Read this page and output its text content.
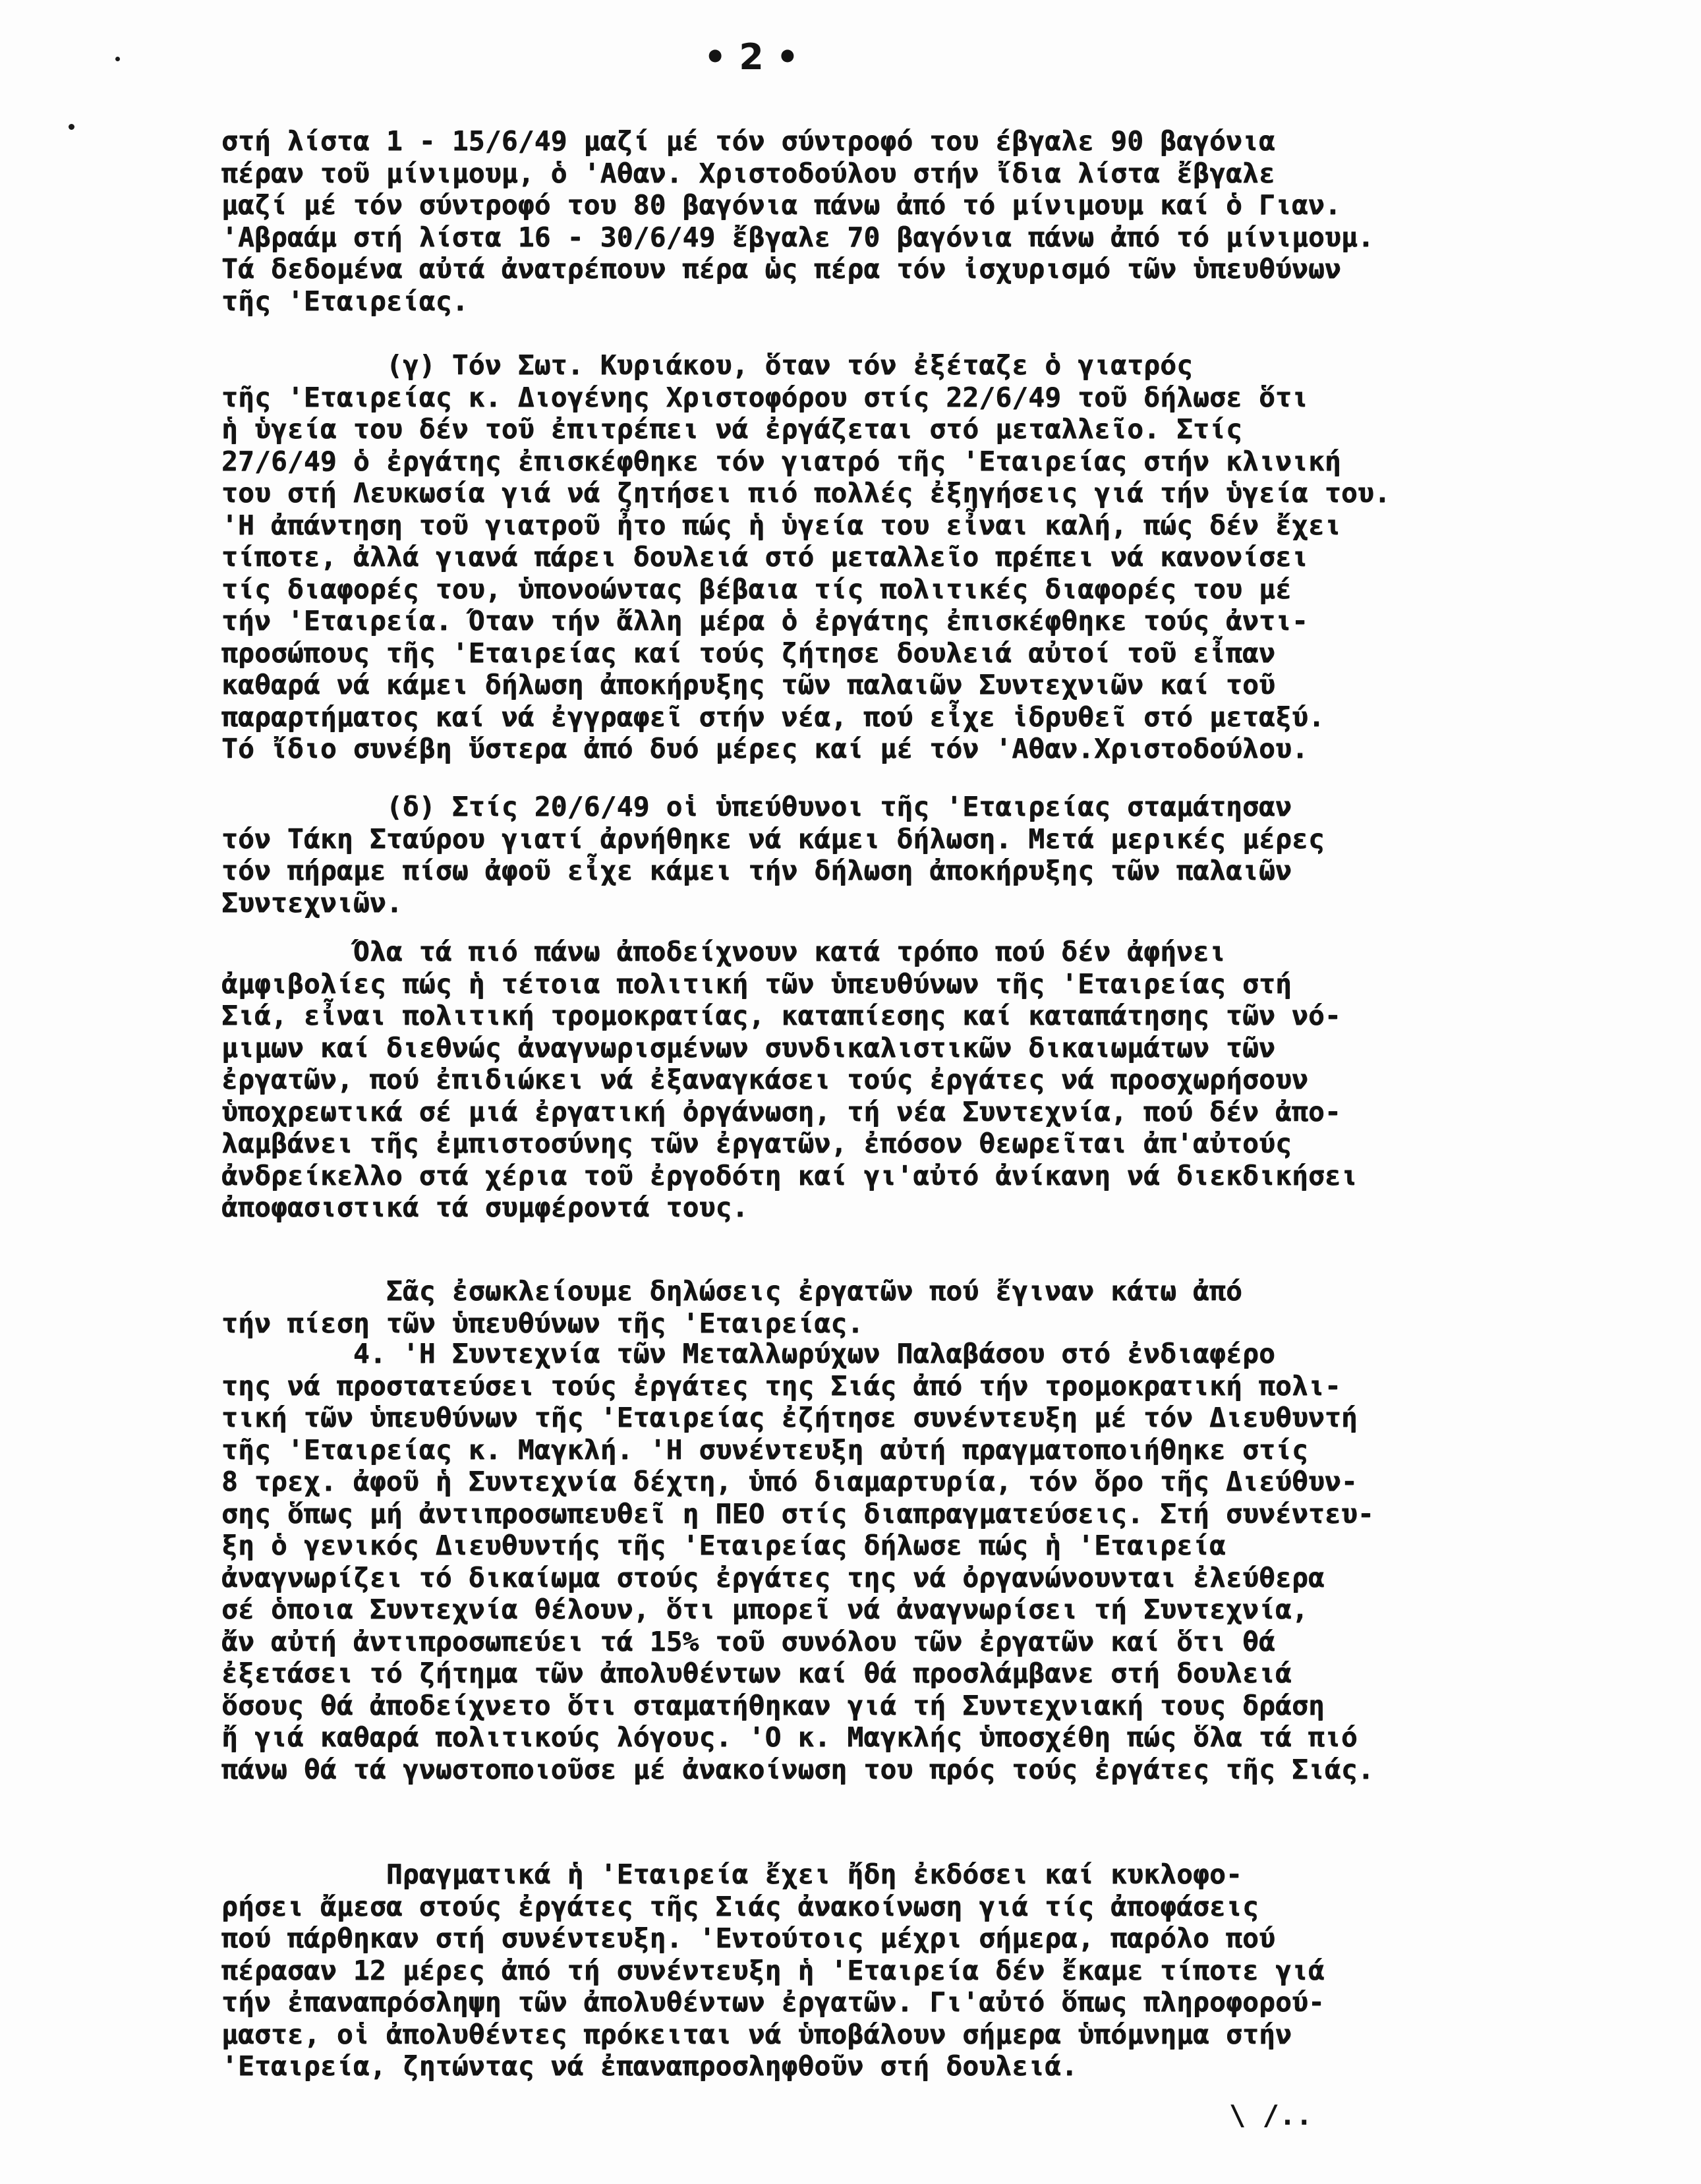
• 2 •
στή λίστα 1 - 15/6/49 μαζί μέ τόν σύντροφό του έβγαλε 90 βαγόνια
πέραν τοῦ μίνιμουμ, ὁ 'Αθαν. Χριστοδούλου στήν ἴδια λίστα ἔβγαλε
μαζί μέ τόν σύντροφό του 80 βαγόνια πάνω ἀπό τό μίνιμουμ καί ὁ Γιαν.
'Αβραάμ στή λίστα 16 - 30/6/49 ἔβγαλε 70 βαγόνια πάνω ἀπό τό μίνιμουμ.
Τά δεδομένα αὐτά ἀνατρέπουν πέρα ὡς πέρα τόν ἰσχυρισμό τῶν ὑπευθύνων
τῆς 'Εταιρείας.
(γ) Τόν Σωτ. Κυριάκου, ὅταν τόν ἐξέταζε ὁ γιατρός
τῆς 'Εταιρείας κ. Διογένης Χριστοφόρου στίς 22/6/49 τοῦ δήλωσε ὅτι
ἡ ὑγεία του δέν τοῦ ἐπιτρέπει νά ἐργάζεται στό μεταλλεῖο. Στίς
27/6/49 ὁ ἐργάτης ἐπισκέφθηκε τόν γιατρό τῆς 'Εταιρείας στήν κλινική
του στή Λευκωσία γιά νά ζητήσει πιό πολλές ἐξηγήσεις γιά τήν ὑγεία του.
'Η ἀπάντηση τοῦ γιατροῦ ἦτο πώς ἡ ὑγεία του εἶναι καλή, πώς δέν ἔχει
τίποτε, ἀλλά γιανά πάρει δουλειά στό μεταλλεῖο πρέπει νά κανονίσει
τίς διαφορές του, ὑπονοώντας βέβαια τίς πολιτικές διαφορές του μέ
τήν 'Εταιρεία. Όταν τήν ἄλλη μέρα ὁ ἐργάτης ἐπισκέφθηκε τούς ἀντι-
προσώπους τῆς 'Εταιρείας καί τούς ζήτησε δουλειά αὐτοί τοῦ εἶπαν
καθαρά νά κάμει δήλωση ἀποκήρυξης τῶν παλαιῶν Συντεχνιῶν καί τοῦ
παραρτήματος καί νά ἐγγραφεῖ στήν νέα, πού εἶχε ἱδρυθεῖ στό μεταξύ.
Τό ἴδιο συνέβη ὕστερα ἀπό δυό μέρες καί μέ τόν 'Αθαν.Χριστοδούλου.
(δ) Στίς 20/6/49 οἱ ὑπεύθυνοι τῆς 'Εταιρείας σταμάτησαν
τόν Τάκη Σταύρου γιατί ἀρνήθηκε νά κάμει δήλωση. Μετά μερικές μέρες
τόν πήραμε πίσω ἀφοῦ εἶχε κάμει τήν δήλωση ἀποκήρυξης τῶν παλαιῶν
Συντεχνιῶν.
Όλα τά πιό πάνω ἀποδείχνουν κατά τρόπο πού δέν ἀφήνει
ἀμφιβολίες πώς ἡ τέτοια πολιτική τῶν ὑπευθύνων τῆς 'Εταιρείας στή
Σιά, εἶναι πολιτική τρομοκρατίας, καταπίεσης καί καταπάτησης τῶν νό-
μιμων καί διεθνώς ἀναγνωρισμένων συνδικαλιστικῶν δικαιωμάτων τῶν
ἐργατῶν, πού ἐπιδιώκει νά ἐξαναγκάσει τούς ἐργάτες νά προσχωρήσουν
ὑποχρεωτικά σέ μιά ἐργατική ὀργάνωση, τή νέα Συντεχνία, πού δέν ἀπο-
λαμβάνει τῆς ἐμπιστοσύνης τῶν ἐργατῶν, ἐπόσον θεωρεῖται ἀπ'αὐτούς
ἀνδρείκελλο στά χέρια τοῦ ἐργοδότη καί γι'αὐτό ἀνίκανη νά διεκδικήσει
ἀποφασιστικά τά συμφέροντά τους.
Σᾶς ἐσωκλείουμε δηλώσεις ἐργατῶν πού ἔγιναν κάτω ἀπό
τήν πίεση τῶν ὑπευθύνων τῆς 'Εταιρείας.
4. 'Η Συντεχνία τῶν Μεταλλωρύχων Παλαβάσου στό ἐνδιαφέρο
της νά προστατεύσει τούς ἐργάτες της Σιάς ἀπό τήν τρομοκρατική πολι-
τική τῶν ὑπευθύνων τῆς 'Εταιρείας ἐζήτησε συνέντευξη μέ τόν Διευθυντή
τῆς 'Εταιρείας κ. Μαγκλή. 'Η συνέντευξη αὐτή πραγματοποιήθηκε στίς
8 τρεχ. ἀφοῦ ἡ Συντεχνία δέχτη, ὑπό διαμαρτυρία, τόν ὅρο τῆς Διεύθυν-
σης ὅπως μή ἀντιπροσωπευθεῖ η ΠΕΟ στίς διαπραγματεύσεις. Στή συνέντευ-
ξη ὁ γενικός Διευθυντής τῆς 'Εταιρείας δήλωσε πώς ἡ 'Εταιρεία
ἀναγνωρίζει τό δικαίωμα στούς ἐργάτες της νά ὀργανώνουνται ἐλεύθερα
σέ ὁποια Συντεχνία θέλουν, ὅτι μπορεῖ νά ἀναγνωρίσει τή Συντεχνία,
ἄν αὐτή ἀντιπροσωπεύει τά 15% τοῦ συνόλου τῶν ἐργατῶν καί ὅτι θά
ἐξετάσει τό ζήτημα τῶν ἀπολυθέντων καί θά προσλάμβανε στή δουλειά
ὅσους θά ἀποδείχνετο ὅτι σταματήθηκαν γιά τή Συντεχνιακή τους δράση
ἤ γιά καθαρά πολιτικούς λόγους. 'Ο κ. Μαγκλής ὑποσχέθη πώς ὅλα τά πιό
πάνω θά τά γνωστοποιοῦσε μέ ἀνακοίνωση του πρός τούς ἐργάτες τῆς Σιάς.
Πραγματικά ἡ 'Εταιρεία ἔχει ἤδη ἐκδόσει καί κυκλοφο-
ρήσει ἄμεσα στούς ἐργάτες τῆς Σιάς ἀνακοίνωση γιά τίς ἀποφάσεις
πού πάρθηκαν στή συνέντευξη. 'Εντούτοις μέχρι σήμερα, παρόλο πού
πέρασαν 12 μέρες ἀπό τή συνέντευξη ἡ 'Εταιρεία δέν ἔκαμε τίποτε γιά
τήν ἐπαναπρόσληψη τῶν ἀπολυθέντων ἐργατῶν. Γι'αὐτό ὅπως πληροφορού-
μαστε, οἱ ἀπολυθέντες πρόκειται νά ὑποβάλουν σήμερα ὑπόμνημα στήν
'Εταιρεία, ζητώντας νά ἐπαναπροσληφθοῦν στή δουλειά.
\ /..
